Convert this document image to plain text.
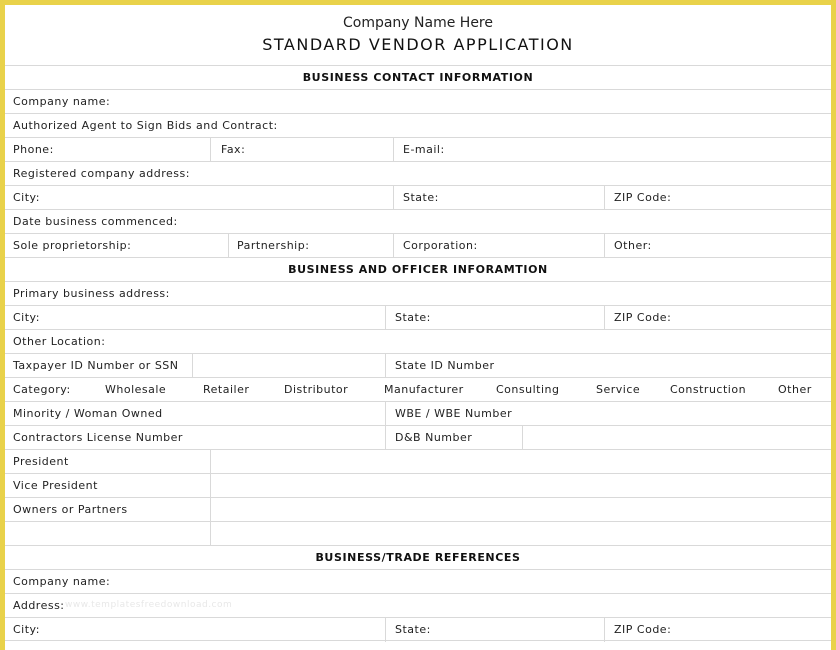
Company Name Here
STANDARD VENDOR APPLICATION
BUSINESS CONTACT INFORMATION
Company name:
Authorized Agent to Sign Bids and Contract:
Phone:	Fax:	E-mail:
Registered company address:
City:	State:	ZIP Code:
Date business commenced:
Sole proprietorship:	Partnership:	Corporation:	Other:
BUSINESS AND OFFICER INFORAMTION
Primary business address:
City:	State:	ZIP Code:
Other Location:
Taxpayer ID Number or SSN	State ID Number
Category:	Wholesale	Retailer	Distributor	Manufacturer	Consulting	Service	Construction	Other
Minority / Woman Owned	WBE / WBE Number
Contractors License Number	D&B Number
President
Vice President
Owners or Partners
BUSINESS/TRADE REFERENCES
Company name:
Address: www.templatesfreedownload.com
City:	State:	ZIP Code:
